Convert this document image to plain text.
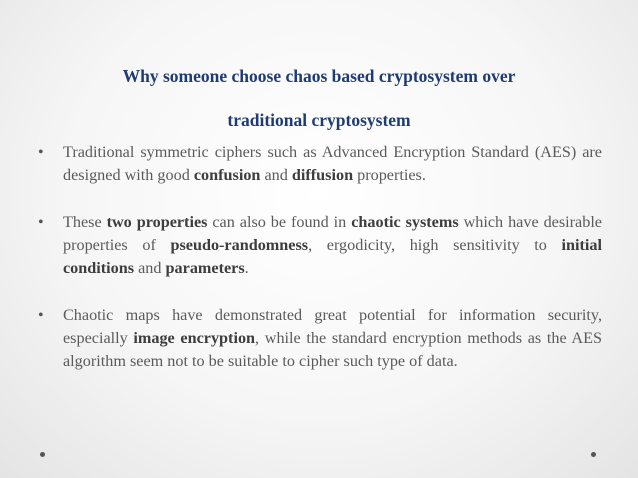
Why someone choose chaos based cryptosystem over
traditional cryptosystem
• Traditional symmetric ciphers such as Advanced Encryption Standard (AES) are designed with good confusion and diffusion properties.
• These two properties can also be found in chaotic systems which have desirable properties of pseudo-randomness, ergodicity, high sensitivity to initial conditions and parameters.
• Chaotic maps have demonstrated great potential for information security, especially image encryption, while the standard encryption methods as the AES algorithm seem not to be suitable to cipher such type of data.
